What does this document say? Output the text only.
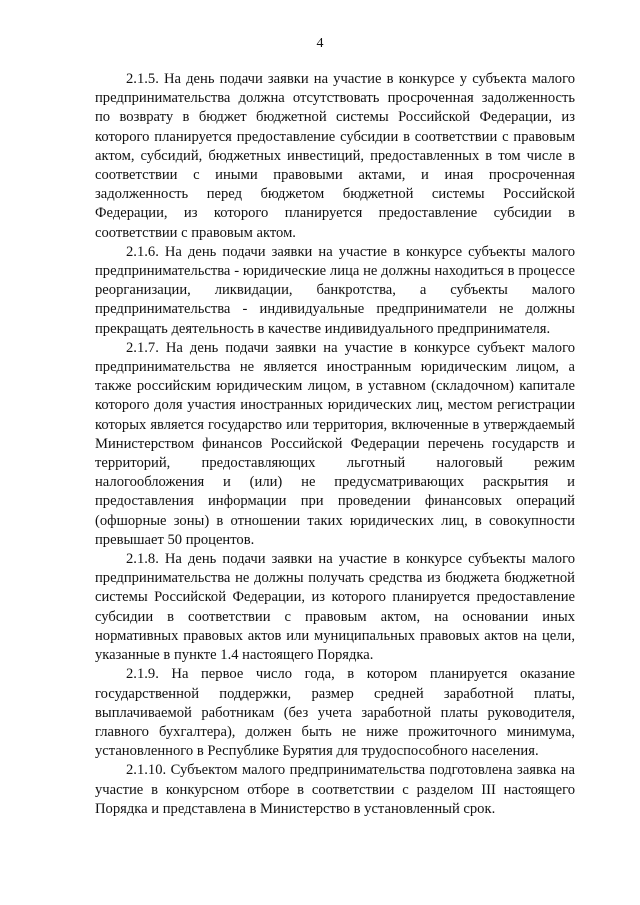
4

2.1.5. На день подачи заявки на участие в конкурсе у субъекта малого предпринимательства должна отсутствовать просроченная задолженность по возврату в бюджет бюджетной системы Российской Федерации, из которого планируется предоставление субсидии в соответствии с правовым актом, субсидий, бюджетных инвестиций, предоставленных в том числе в соответствии с иными правовыми актами, и иная просроченная задолженность перед бюджетом бюджетной системы Российской Федерации, из которого планируется предоставление субсидии в соответствии с правовым актом.

2.1.6. На день подачи заявки на участие в конкурсе субъекты малого предпринимательства - юридические лица не должны находиться в процессе реорганизации, ликвидации, банкротства, а субъекты малого предпринимательства - индивидуальные предприниматели не должны прекращать деятельность в качестве индивидуального предпринимателя.

2.1.7. На день подачи заявки на участие в конкурсе субъект малого предпринимательства не является иностранным юридическим лицом, а также российским юридическим лицом, в уставном (складочном) капитале которого доля участия иностранных юридических лиц, местом регистрации которых является государство или территория, включенные в утверждаемый Министерством финансов Российской Федерации перечень государств и территорий, предоставляющих льготный налоговый режим налогообложения и (или) не предусматривающих раскрытия и предоставления информации при проведении финансовых операций (офшорные зоны) в отношении таких юридических лиц, в совокупности превышает 50 процентов.

2.1.8. На день подачи заявки на участие в конкурсе субъекты малого предпринимательства не должны получать средства из бюджета бюджетной системы Российской Федерации, из которого планируется предоставление субсидии в соответствии с правовым актом, на основании иных нормативных правовых актов или муниципальных правовых актов на цели, указанные в пункте 1.4 настоящего Порядка.

2.1.9. На первое число года, в котором планируется оказание государственной поддержки, размер средней заработной платы, выплачиваемой работникам (без учета заработной платы руководителя, главного бухгалтера), должен быть не ниже прожиточного минимума, установленного в Республике Бурятия для трудоспособного населения.

2.1.10. Субъектом малого предпринимательства подготовлена заявка на участие в конкурсном отборе в соответствии с разделом III настоящего Порядка и представлена в Министерство в установленный срок.
